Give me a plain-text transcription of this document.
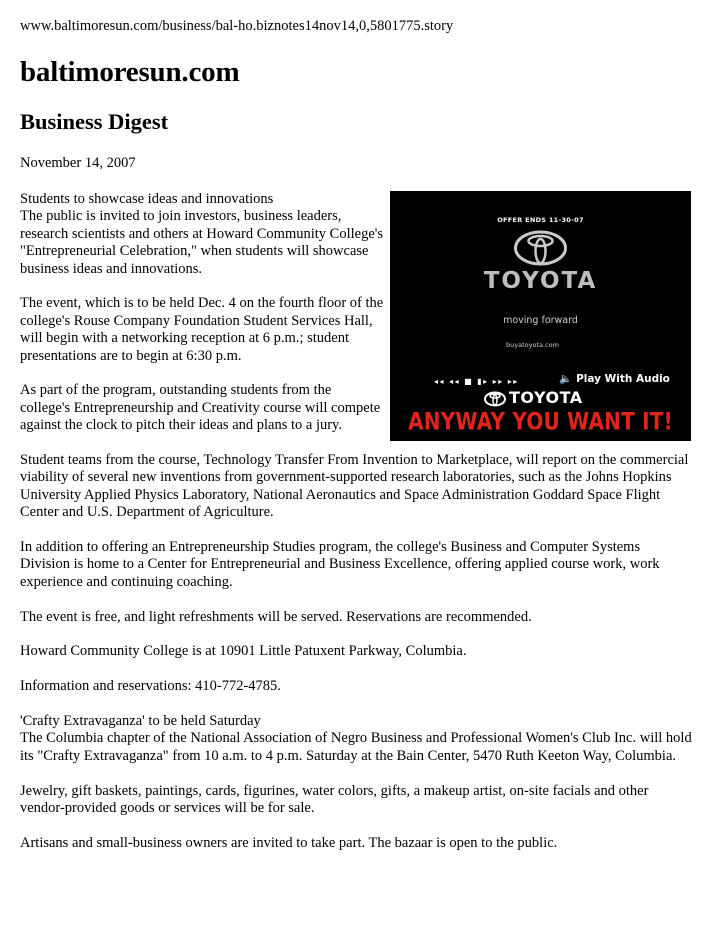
www.baltimoresun.com/business/bal-ho.biznotes14nov14,0,5801775.story
baltimoresun.com
Business Digest
November 14, 2007
OFFER ENDS 11-30-07
TOYOTA
moving forward
buyatoyota.com
◂◂ ◂◂ ■ ▮▸ ▸▸ ▸▸	🔈 Play With Audio
TOYOTA
ANYWAY YOU WANT IT!

Students to showcase ideas and innovations
The public is invited to join investors, business leaders, research scientists and others at Howard Community College's "Entrepreneurial Celebration," when students will showcase business ideas and innovations.

The event, which is to be held Dec. 4 on the fourth floor of the college's Rouse Company Foundation Student Services Hall, will begin with a networking reception at 6 p.m.; student presentations are to begin at 6:30 p.m.

As part of the program, outstanding students from the college's Entrepreneurship and Creativity course will compete against the clock to pitch their ideas and plans to a jury.

Student teams from the course, Technology Transfer From Invention to Marketplace, will report on the commercial viability of several new inventions from government-supported research laboratories, such as the Johns Hopkins University Applied Physics Laboratory, National Aeronautics and Space Administration Goddard Space Flight Center and U.S. Department of Agriculture.

In addition to offering an Entrepreneurship Studies program, the college's Business and Computer Systems Division is home to a Center for Entrepreneurial and Business Excellence, offering applied course work, work experience and continuing coaching.

The event is free, and light refreshments will be served. Reservations are recommended.

Howard Community College is at 10901 Little Patuxent Parkway, Columbia.

Information and reservations: 410-772-4785.

'Crafty Extravaganza' to be held Saturday
The Columbia chapter of the National Association of Negro Business and Professional Women's Club Inc. will hold its "Crafty Extravaganza" from 10 a.m. to 4 p.m. Saturday at the Bain Center, 5470 Ruth Keeton Way, Columbia.

Jewelry, gift baskets, paintings, cards, figurines, water colors, gifts, a makeup artist, on-site facials and other vendor-provided goods or services will be for sale.

Artisans and small-business owners are invited to take part. The bazaar is open to the public.
